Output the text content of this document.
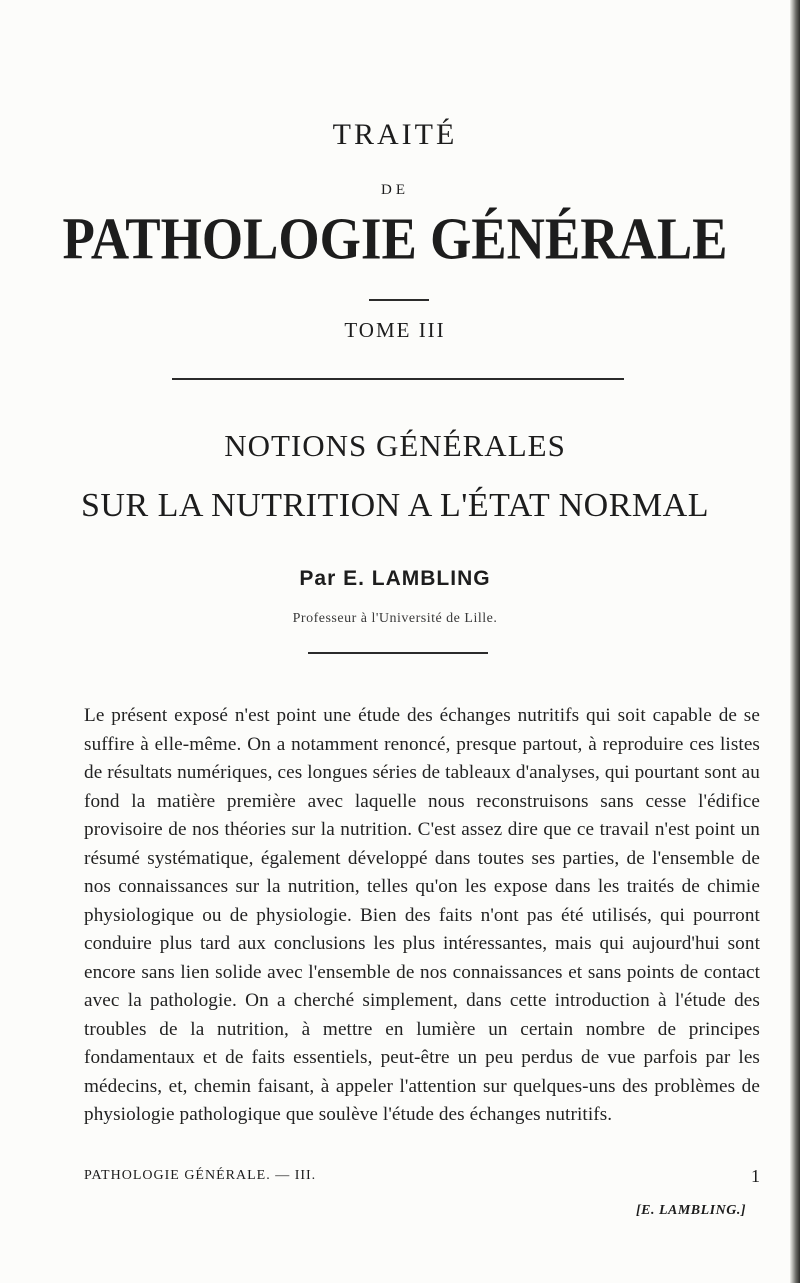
TRAITÉ
DE
PATHOLOGIE GÉNÉRALE
TOME III
NOTIONS GÉNÉRALES
SUR LA NUTRITION A L'ÉTAT NORMAL
Par E. LAMBLING
Professeur à l'Université de Lille.
Le présent exposé n'est point une étude des échanges nutritifs qui soit capable de se suffire à elle-même. On a notamment renoncé, presque partout, à reproduire ces listes de résultats numériques, ces longues séries de tableaux d'analyses, qui pourtant sont au fond la matière première avec laquelle nous reconstruisons sans cesse l'édifice provisoire de nos théories sur la nutrition. C'est assez dire que ce travail n'est point un résumé systématique, également développé dans toutes ses parties, de l'ensemble de nos connaissances sur la nutrition, telles qu'on les expose dans les traités de chimie physiologique ou de physiologie. Bien des faits n'ont pas été utilisés, qui pourront conduire plus tard aux conclusions les plus intéressantes, mais qui aujourd'hui sont encore sans lien solide avec l'ensemble de nos connaissances et sans points de contact avec la pathologie. On a cherché simplement, dans cette introduction à l'étude des troubles de la nutrition, à mettre en lumière un certain nombre de principes fondamentaux et de faits essentiels, peut-être un peu perdus de vue parfois par les médecins, et, chemin faisant, à appeler l'attention sur quelques-uns des problèmes de physiologie pathologique que soulève l'étude des échanges nutritifs.
PATHOLOGIE GÉNÉRALE. — III.	1
[E. LAMBLING.]
